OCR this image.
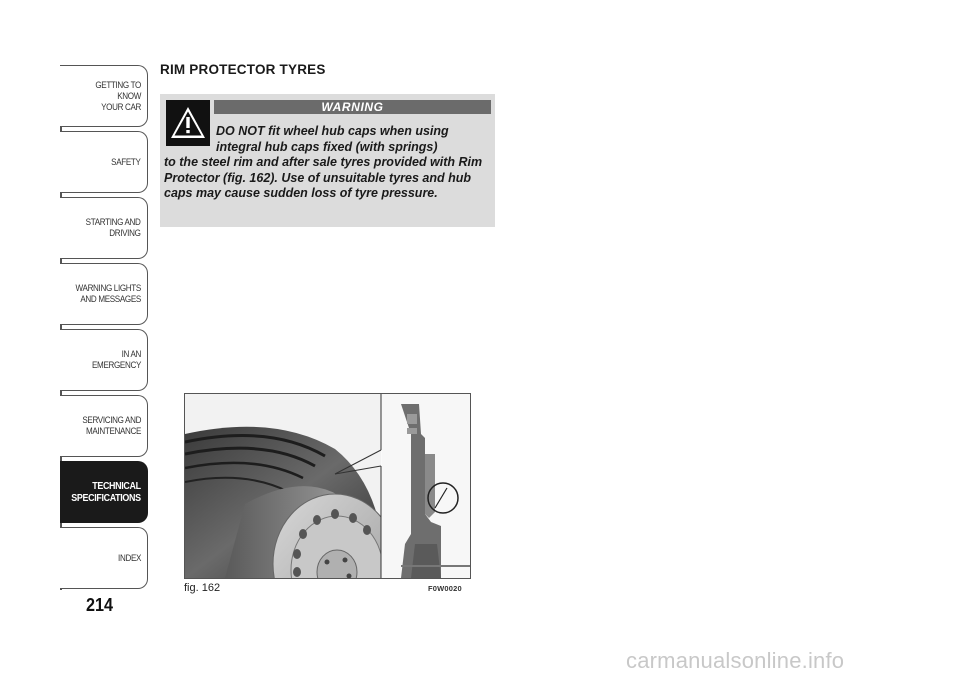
GETTING TO KNOW
YOUR CAR
SAFETY
STARTING AND
DRIVING
WARNING LIGHTS
AND MESSAGES
IN AN EMERGENCY
SERVICING AND
MAINTENANCE
TECHNICAL
SPECIFICATIONS
INDEX
214
RIM PROTECTOR TYRES
WARNING
DO NOT fit wheel hub caps when using
integral hub caps fixed (with springs)
to the steel rim and after sale tyres provided with Rim Protector (fig. 162). Use of unsuitable tyres and hub caps may cause sudden loss of tyre pressure.
fig. 162	F0W0020
carmanualsonline.info
